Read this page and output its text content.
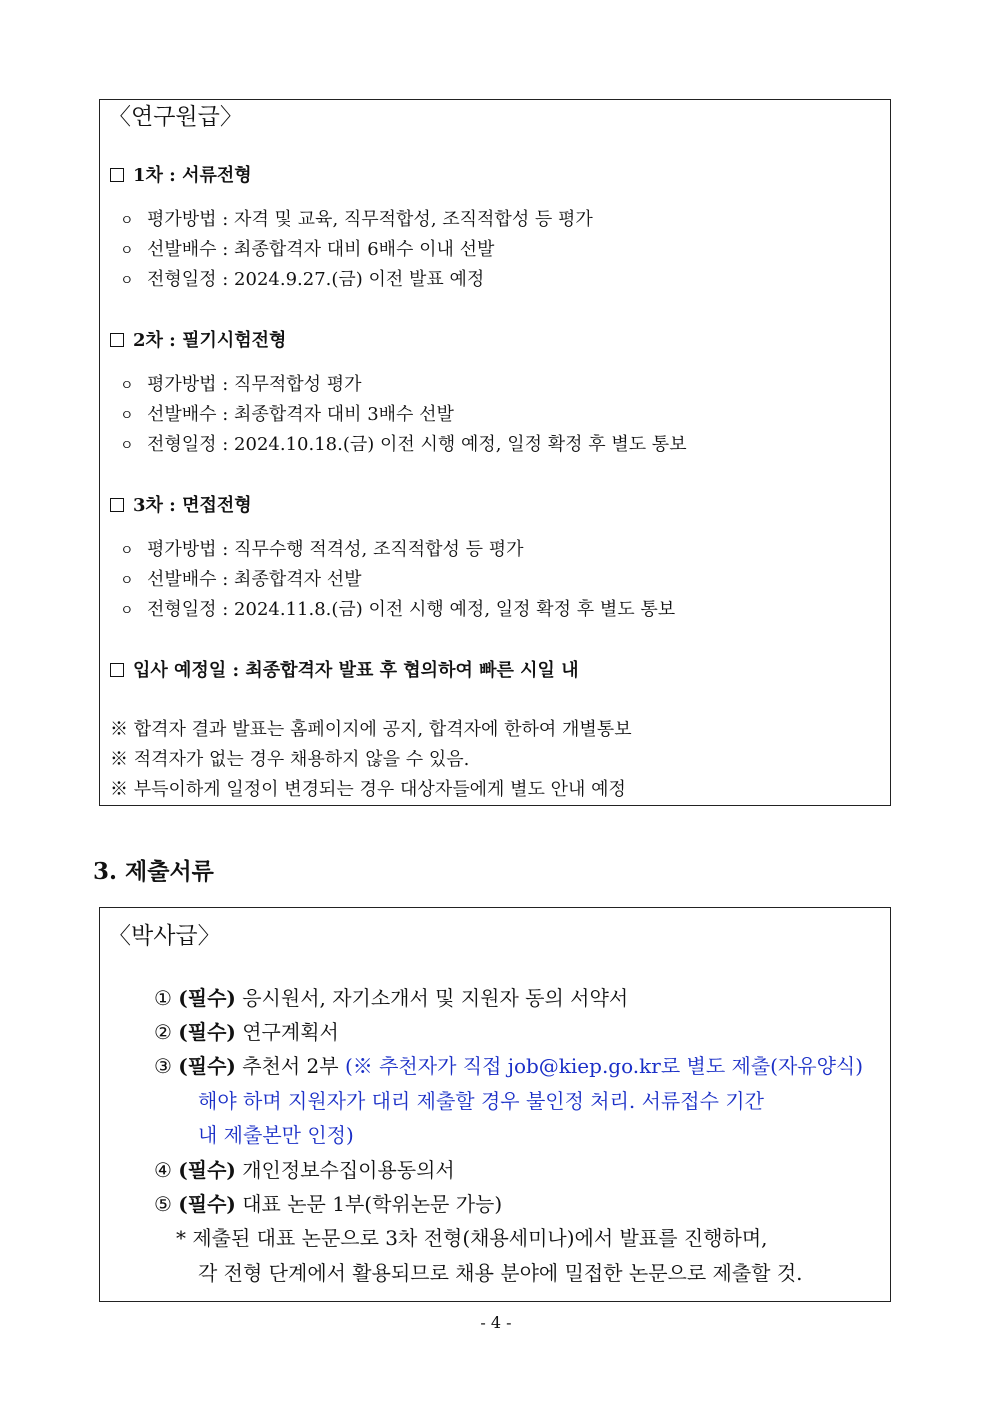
〈연구원급〉
1차 : 서류전형
ㅇ 평가방법 : 자격 및 교육, 직무적합성, 조직적합성 등 평가
ㅇ 선발배수 : 최종합격자 대비 6배수 이내 선발
ㅇ 전형일정 : 2024.9.27.(금) 이전 발표 예정
2차 : 필기시험전형
ㅇ 평가방법 : 직무적합성 평가
ㅇ 선발배수 : 최종합격자 대비 3배수 선발
ㅇ 전형일정 : 2024.10.18.(금) 이전 시행 예정, 일정 확정 후 별도 통보
3차 : 면접전형
ㅇ 평가방법 : 직무수행 적격성, 조직적합성 등 평가
ㅇ 선발배수 : 최종합격자 선발
ㅇ 전형일정 : 2024.11.8.(금) 이전 시행 예정, 일정 확정 후 별도 통보
입사 예정일 : 최종합격자 발표 후 협의하여 빠른 시일 내
※ 합격자 결과 발표는 홈페이지에 공지, 합격자에 한하여 개별통보
※ 적격자가 없는 경우 채용하지 않을 수 있음.
※ 부득이하게 일정이 변경되는 경우 대상자들에게 별도 안내 예정
3. 제출서류
〈박사급〉
① (필수) 응시원서, 자기소개서 및 지원자 동의 서약서
② (필수) 연구계획서
③ (필수) 추천서 2부 (※ 추천자가 직접 job@kiep.go.kr로 별도 제출(자유양식)
해야 하며 지원자가 대리 제출할 경우 불인정 처리. 서류접수 기간
내 제출본만 인정)
④ (필수) 개인정보수집이용동의서
⑤ (필수) 대표 논문 1부(학위논문 가능)
* 제출된 대표 논문으로 3차 전형(채용세미나)에서 발표를 진행하며,
각 전형 단계에서 활용되므로 채용 분야에 밀접한 논문으로 제출할 것.
- 4 -
